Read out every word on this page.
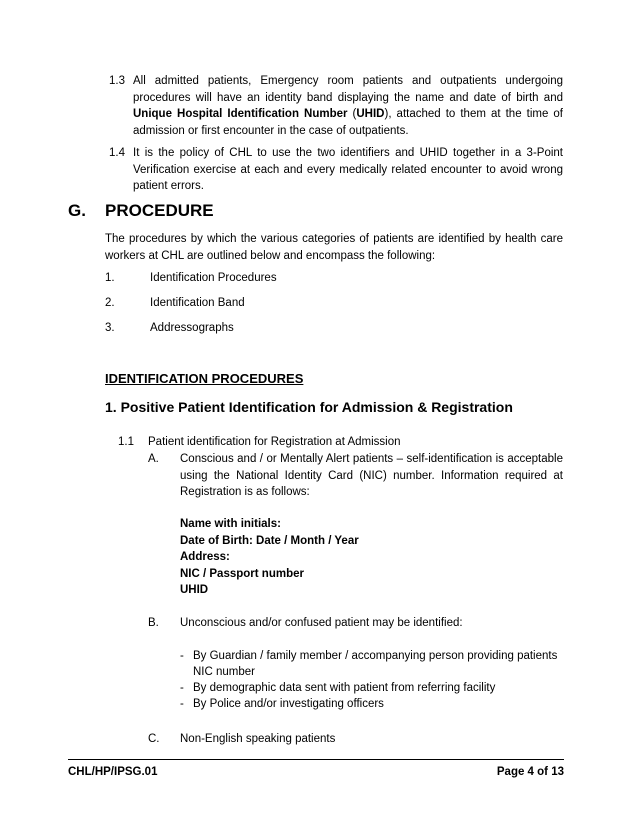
1.3 All admitted patients, Emergency room patients and outpatients undergoing
procedures will have an identity band displaying the name and date of birth and
Unique Hospital Identification Number (UHID), attached to them at the time of
admission or first encounter in the case of outpatients.
1.4 It is the policy of CHL to use the two identifiers and UHID together in a 3-Point
Verification exercise at each and every medically related encounter to avoid wrong
patient errors.
G. PROCEDURE
The procedures by which the various categories of patients are identified by health care
workers at CHL are outlined below and encompass the following:
1.	Identification Procedures
2.	Identification Band
3.	Addressographs
IDENTIFICATION PROCEDURES
1. Positive Patient Identification for Admission & Registration
1.1 Patient identification for Registration at Admission
A. Conscious and / or Mentally Alert patients – self-identification is acceptable
using the National Identity Card (NIC) number. Information required at
Registration is as follows:
Name with initials:
Date of Birth: Date / Month / Year
Address:
NIC / Passport number
UHID
B. Unconscious and/or confused patient may be identified:
- By Guardian / family member / accompanying person providing patients
NIC number
- By demographic data sent with patient from referring facility
- By Police and/or investigating officers
C. Non-English speaking patients
CHL/HP/IPSG.01	Page 4 of 13
